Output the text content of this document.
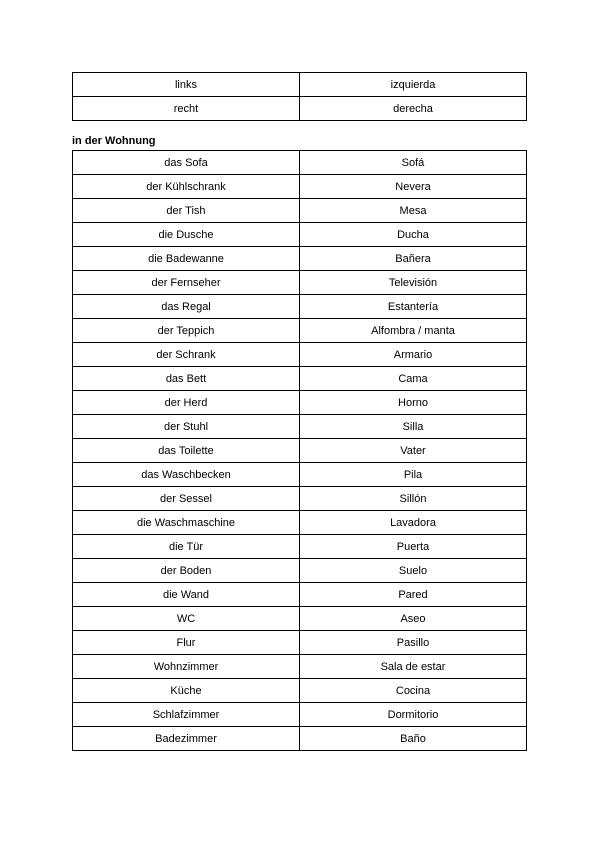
links	izquierda
recht	derecha
in der Wohnung
das Sofa	Sofá
der Kühlschrank	Nevera
der Tish	Mesa
die Dusche	Ducha
die Badewanne	Bañera
der Fernseher	Televisión
das Regal	Estantería
der Teppich	Alfombra / manta
der Schrank	Armario
das Bett	Cama
der Herd	Horno
der Stuhl	Silla
das Toilette	Vater
das Waschbecken	Pila
der Sessel	Sillón
die Waschmaschine	Lavadora
die Tür	Puerta
der Boden	Suelo
die Wand	Pared
WC	Aseo
Flur	Pasillo
Wohnzimmer	Sala de estar
Küche	Cocina
Schlafzimmer	Dormitorio
Badezimmer	Baño
